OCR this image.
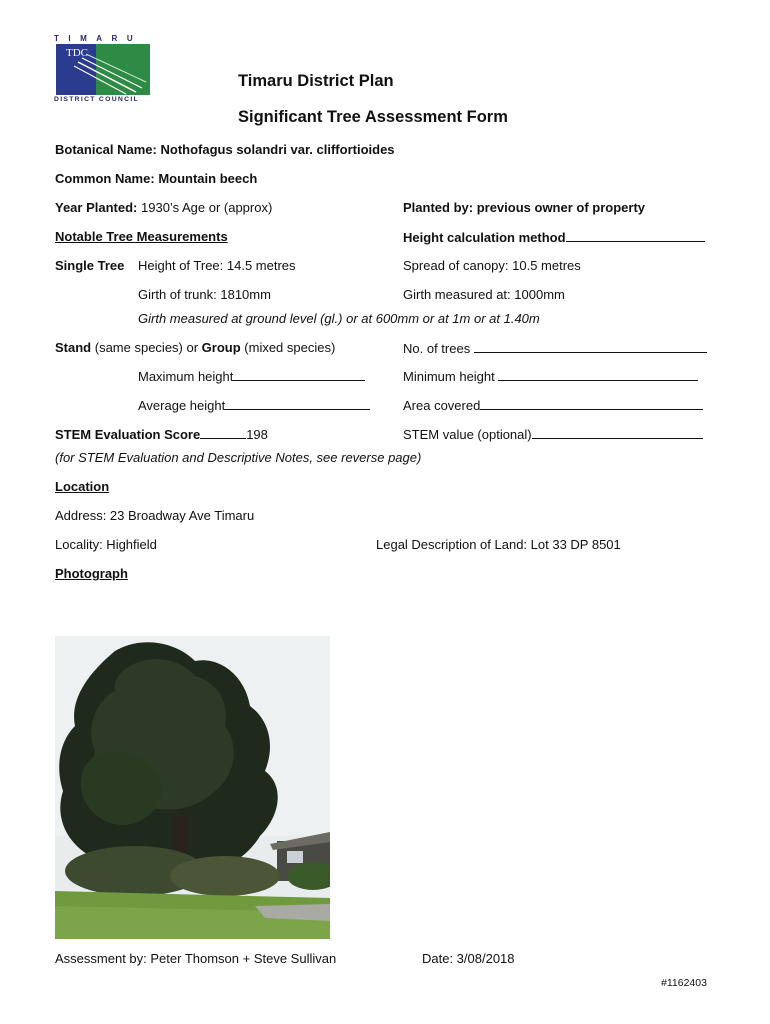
TIMARU
TDC
DISTRICT COUNCIL
Timaru District Plan
Significant Tree Assessment Form
Botanical Name: Nothofagus solandri var. cliffortioides
Common Name: Mountain beech
Year Planted: 1930’s Age or (approx)	Planted by: previous owner of property
Notable Tree Measurements	Height calculation method
Single Tree Height of Tree: 14.5 metres	Spread of canopy: 10.5 metres
Girth of trunk: 1810mm	Girth measured at: 1000mm
Girth measured at ground level (gl.) or at 600mm or at 1m or at 1.40m
Stand (same species) or Group (mixed species)	No. of trees
Maximum height	Minimum height
Average height	Area covered
STEM Evaluation Score	198	STEM value (optional)
(for STEM Evaluation and Descriptive Notes, see reverse page)
Location
Address: 23 Broadway Ave Timaru
Locality: Highfield	Legal Description of Land: Lot 33 DP 8501
Photograph
Assessment by: Peter Thomson + Steve Sullivan	Date: 3/08/2018
#1162403
